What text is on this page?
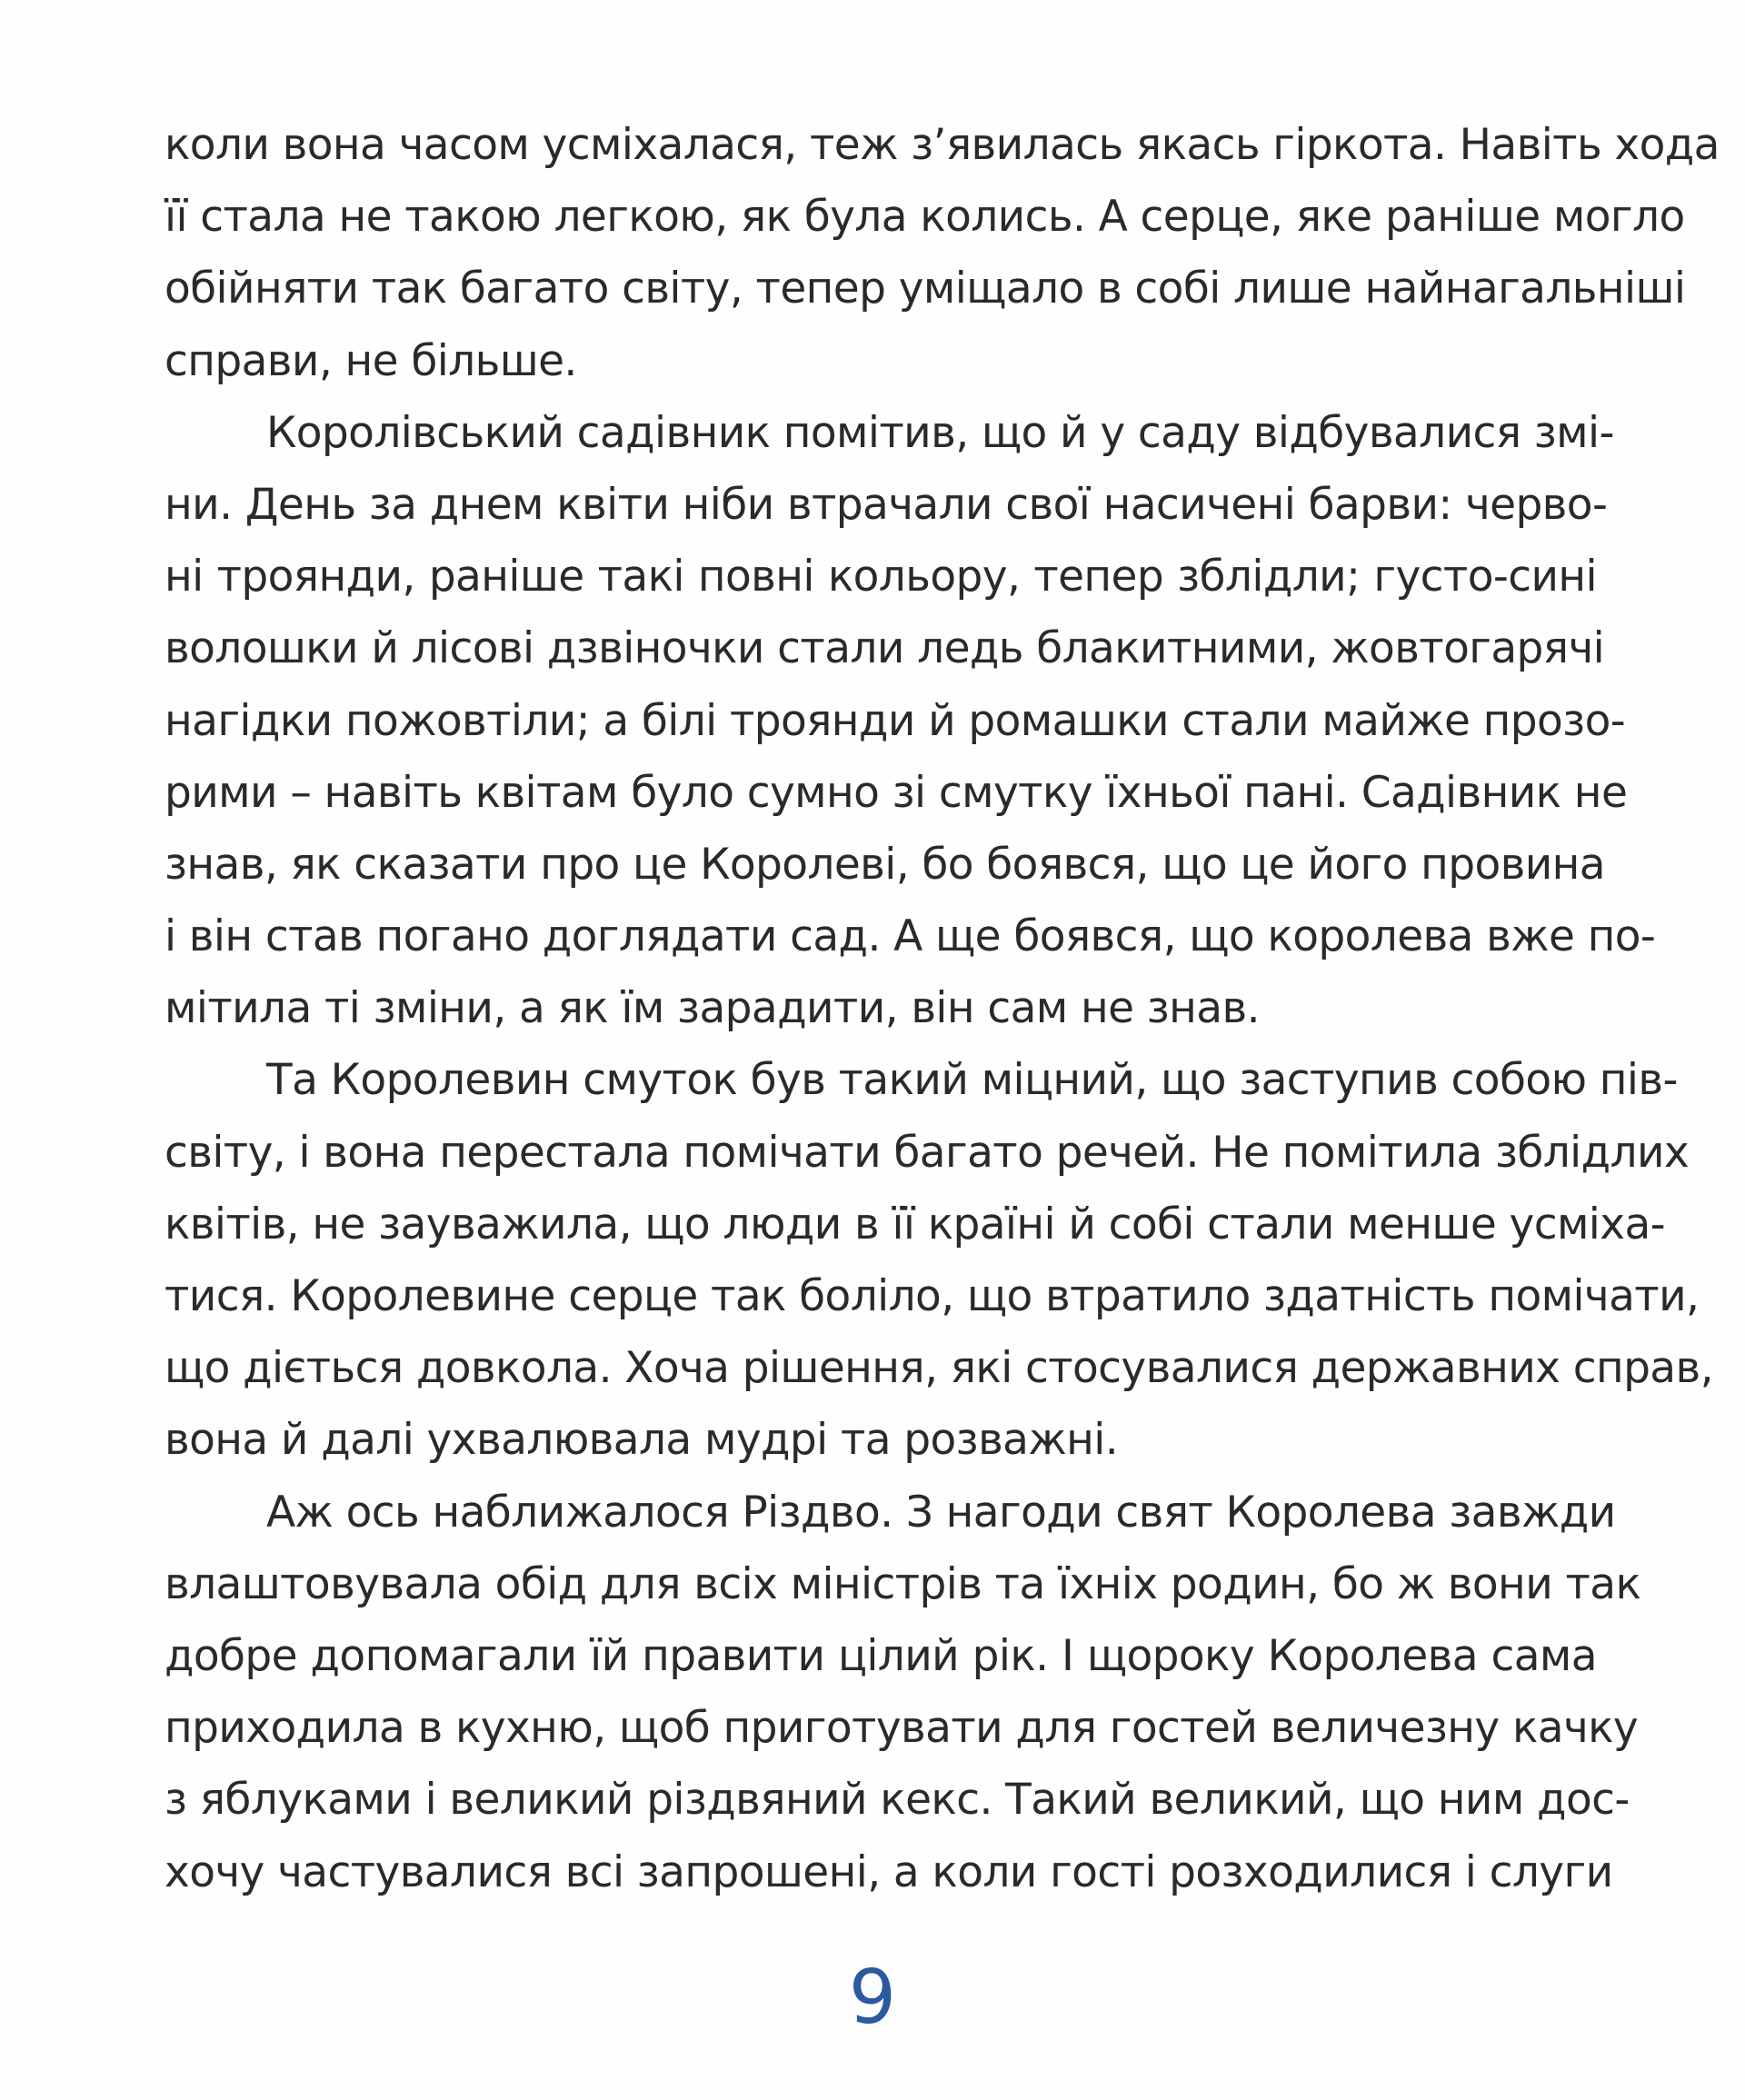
коли вона часом усміхалася, теж з’явилась якась гіркота. Навіть хода
її стала не такою легкою, як була колись. А серце, яке раніше могло
обійняти так багато світу, тепер уміщало в собі лише найнагальніші
справи, не більше.
Королівський садівник помітив, що й у саду відбувалися змі-
ни. День за днем квіти ніби втрачали свої насичені барви: черво-
ні троянди, раніше такі повні кольору, тепер зблідли; густо-сині
волошки й лісові дзвіночки стали ледь блакитними, жовтогарячі
нагідки пожовтіли; а білі троянди й ромашки стали майже прозо-
рими – навіть квітам було сумно зі смутку їхньої пані. Садівник не
знав, як сказати про це Королеві, бо боявся, що це його провина
і він став погано доглядати сад. А ще боявся, що королева вже по-
мітила ті зміни, а як їм зарадити, він сам не знав.
Та Королевин смуток був такий міцний, що заступив собою пів-
світу, і вона перестала помічати багато речей. Не помітила зблідлих
квітів, не зауважила, що люди в її країні й собі стали менше усміха-
тися. Королевине серце так боліло, що втратило здатність помічати,
що діється довкола. Хоча рішення, які стосувалися державних справ,
вона й далі ухвалювала мудрі та розважні.
Аж ось наближалося Різдво. З нагоди свят Королева завжди
влаштовувала обід для всіх міністрів та їхніх родин, бо ж вони так
добре допомагали їй правити цілий рік. І щороку Королева сама
приходила в кухню, щоб приготувати для гостей величезну качку
з яблуками і великий різдвяний кекс. Такий великий, що ним дос-
хочу частувалися всі запрошені, а коли гості розходилися і слуги
9
